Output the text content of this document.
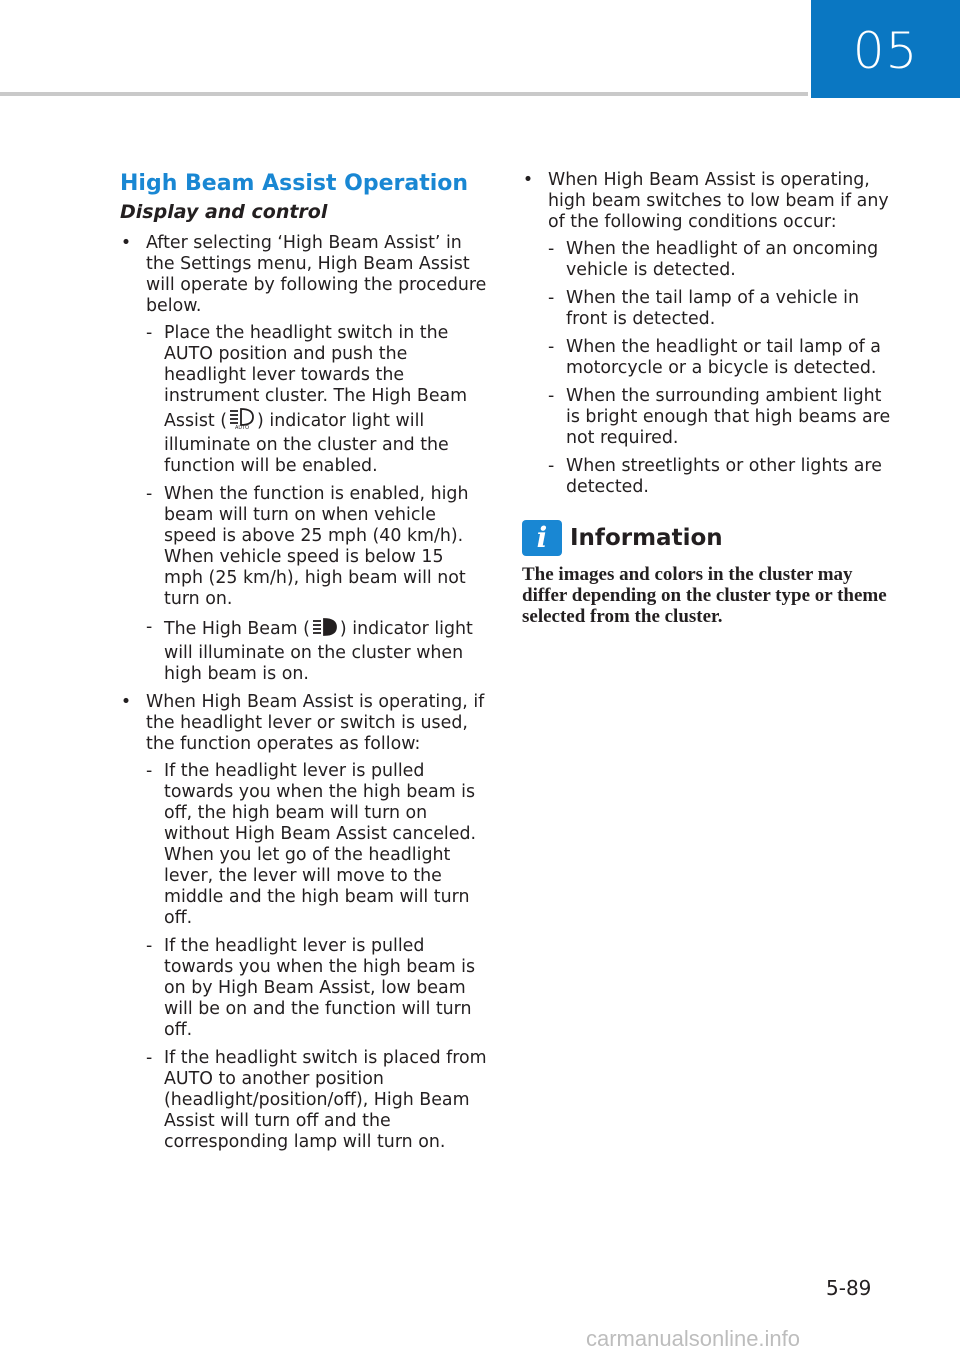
05
High Beam Assist Operation
Display and control
• After selecting ‘High Beam Assist’ in the Settings menu, High Beam Assist will operate by following the procedure below.
- Place the headlight switch in the AUTO position and push the headlight lever towards the instrument cluster. The High Beam Assist ( AUTO ) indicator light will illuminate on the cluster and the function will be enabled.
- When the function is enabled, high beam will turn on when vehicle speed is above 25 mph (40 km/h). When vehicle speed is below 15 mph (25 km/h), high beam will not turn on.
- The High Beam ( ) indicator light will illuminate on the cluster when high beam is on.
• When High Beam Assist is operating, if the headlight lever or switch is used, the function operates as follow:
- If the headlight lever is pulled towards you when the high beam is off, the high beam will turn on without High Beam Assist canceled. When you let go of the headlight lever, the lever will move to the middle and the high beam will turn off.
- If the headlight lever is pulled towards you when the high beam is on by High Beam Assist, low beam will be on and the function will turn off.
- If the headlight switch is placed from AUTO to another position (headlight/position/off), High Beam Assist will turn off and the corresponding lamp will turn on.
• When High Beam Assist is operating, high beam switches to low beam if any of the following conditions occur:
- When the headlight of an oncoming vehicle is detected.
- When the tail lamp of a vehicle in front is detected.
- When the headlight or tail lamp of a motorcycle or a bicycle is detected.
- When the surrounding ambient light is bright enough that high beams are not required.
- When streetlights or other lights are detected.
i Information
The images and colors in the cluster may differ depending on the cluster type or theme selected from the cluster.
5-89
carmanualsonline.info
